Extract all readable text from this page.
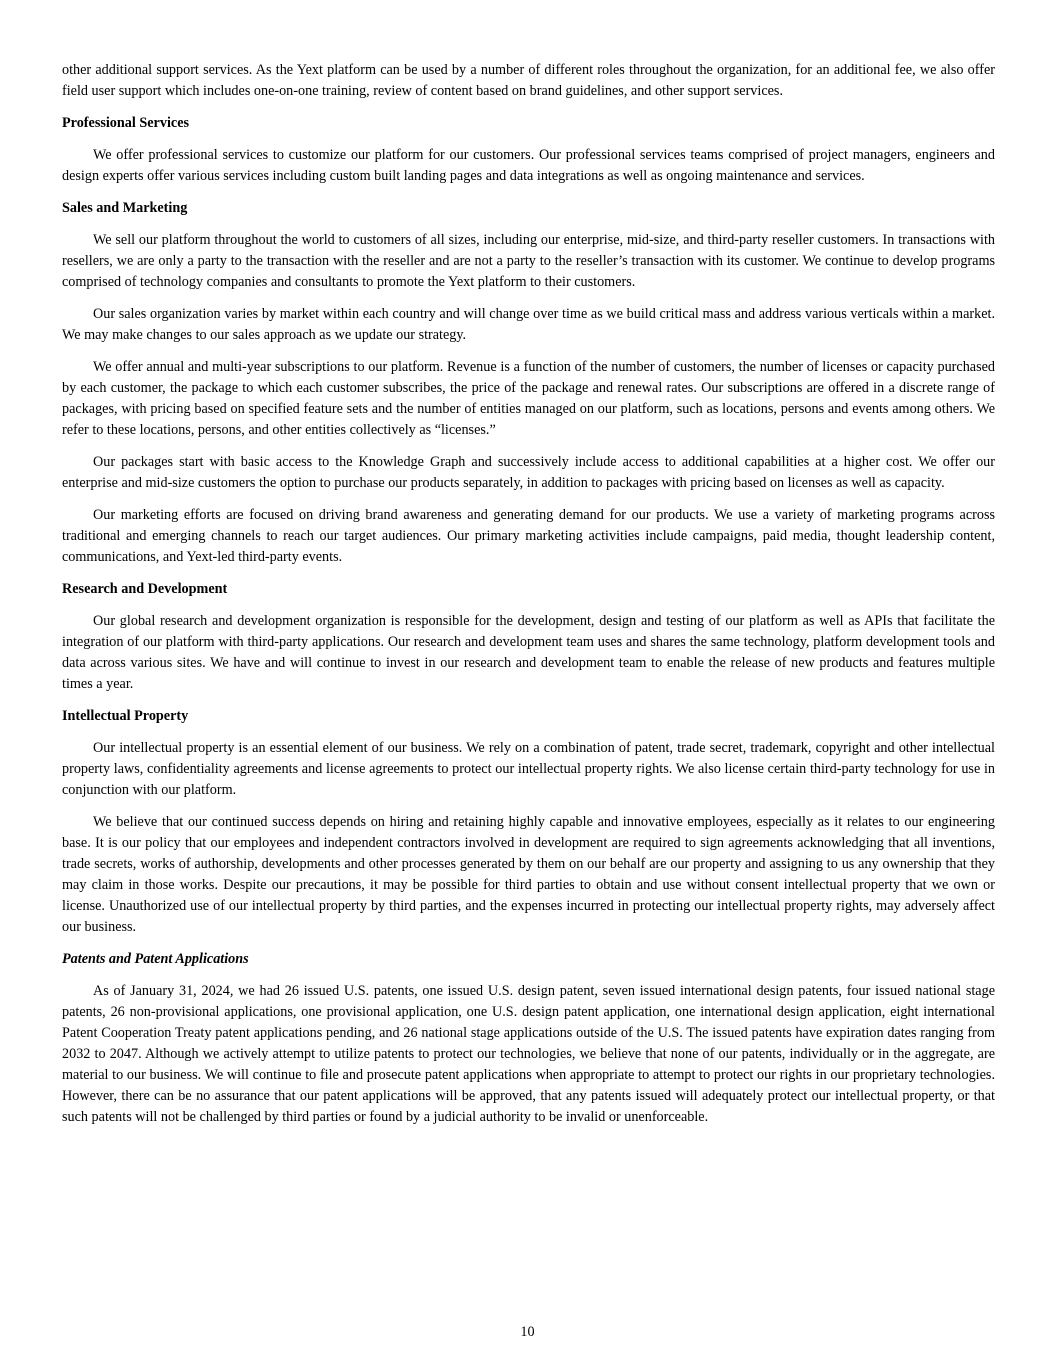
other additional support services. As the Yext platform can be used by a number of different roles throughout the organization, for an additional fee, we also offer field user support which includes one-on-one training, review of content based on brand guidelines, and other support services.

Professional Services

We offer professional services to customize our platform for our customers. Our professional services teams comprised of project managers, engineers and design experts offer various services including custom built landing pages and data integrations as well as ongoing maintenance and services.

Sales and Marketing

We sell our platform throughout the world to customers of all sizes, including our enterprise, mid-size, and third-party reseller customers. In transactions with resellers, we are only a party to the transaction with the reseller and are not a party to the reseller’s transaction with its customer. We continue to develop programs comprised of technology companies and consultants to promote the Yext platform to their customers.

Our sales organization varies by market within each country and will change over time as we build critical mass and address various verticals within a market. We may make changes to our sales approach as we update our strategy.

We offer annual and multi-year subscriptions to our platform. Revenue is a function of the number of customers, the number of licenses or capacity purchased by each customer, the package to which each customer subscribes, the price of the package and renewal rates. Our subscriptions are offered in a discrete range of packages, with pricing based on specified feature sets and the number of entities managed on our platform, such as locations, persons and events among others. We refer to these locations, persons, and other entities collectively as “licenses.”

Our packages start with basic access to the Knowledge Graph and successively include access to additional capabilities at a higher cost. We offer our enterprise and mid-size customers the option to purchase our products separately, in addition to packages with pricing based on licenses as well as capacity.

Our marketing efforts are focused on driving brand awareness and generating demand for our products. We use a variety of marketing programs across traditional and emerging channels to reach our target audiences. Our primary marketing activities include campaigns, paid media, thought leadership content, communications, and Yext-led third-party events.

Research and Development

Our global research and development organization is responsible for the development, design and testing of our platform as well as APIs that facilitate the integration of our platform with third-party applications. Our research and development team uses and shares the same technology, platform development tools and data across various sites. We have and will continue to invest in our research and development team to enable the release of new products and features multiple times a year.

Intellectual Property

Our intellectual property is an essential element of our business. We rely on a combination of patent, trade secret, trademark, copyright and other intellectual property laws, confidentiality agreements and license agreements to protect our intellectual property rights. We also license certain third-party technology for use in conjunction with our platform.

We believe that our continued success depends on hiring and retaining highly capable and innovative employees, especially as it relates to our engineering base. It is our policy that our employees and independent contractors involved in development are required to sign agreements acknowledging that all inventions, trade secrets, works of authorship, developments and other processes generated by them on our behalf are our property and assigning to us any ownership that they may claim in those works. Despite our precautions, it may be possible for third parties to obtain and use without consent intellectual property that we own or license. Unauthorized use of our intellectual property by third parties, and the expenses incurred in protecting our intellectual property rights, may adversely affect our business.

Patents and Patent Applications

As of January 31, 2024, we had 26 issued U.S. patents, one issued U.S. design patent, seven issued international design patents, four issued national stage patents, 26 non-provisional applications, one provisional application, one U.S. design patent application, one international design application, eight international Patent Cooperation Treaty patent applications pending, and 26 national stage applications outside of the U.S. The issued patents have expiration dates ranging from 2032 to 2047. Although we actively attempt to utilize patents to protect our technologies, we believe that none of our patents, individually or in the aggregate, are material to our business. We will continue to file and prosecute patent applications when appropriate to attempt to protect our rights in our proprietary technologies. However, there can be no assurance that our patent applications will be approved, that any patents issued will adequately protect our intellectual property, or that such patents will not be challenged by third parties or found by a judicial authority to be invalid or unenforceable.

10
